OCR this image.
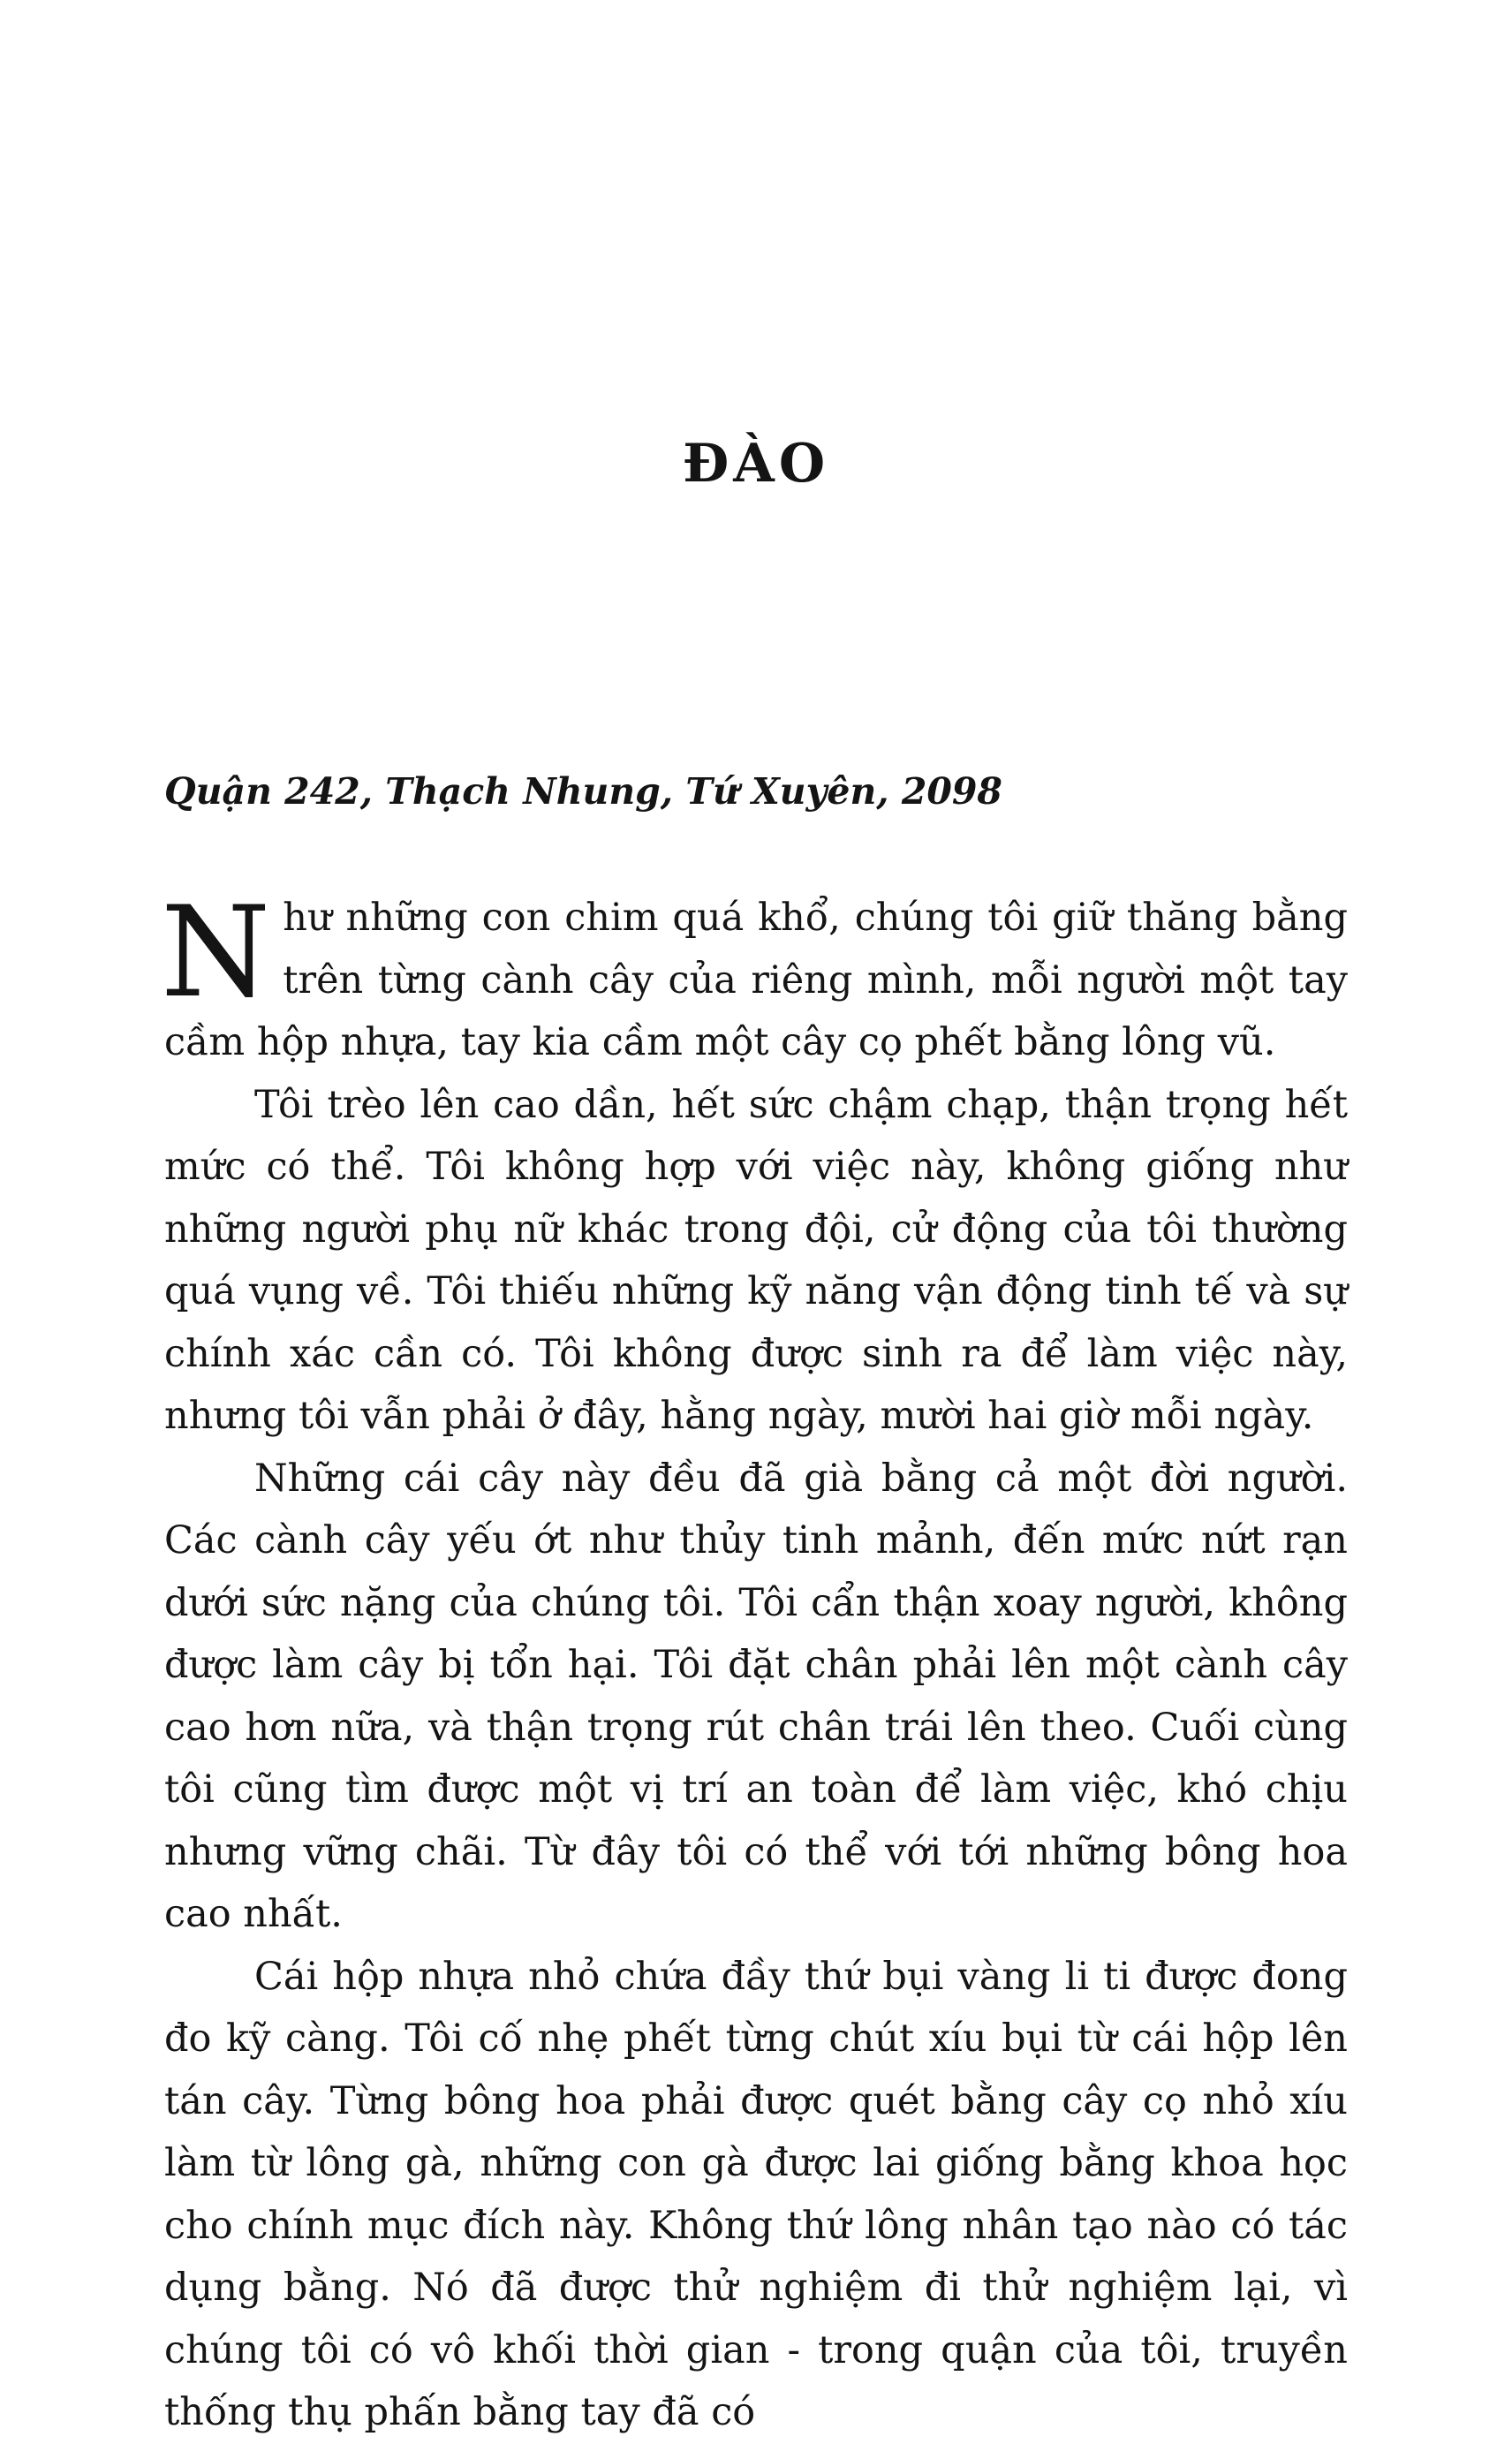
ĐÀO

Quận 242, Thạch Nhung, Tứ Xuyên, 2098

Như những con chim quá khổ, chúng tôi giữ thăng bằng trên từng cành cây của riêng mình, mỗi người một tay cầm hộp nhựa, tay kia cầm một cây cọ phết bằng lông vũ.

Tôi trèo lên cao dần, hết sức chậm chạp, thận trọng hết mức có thể. Tôi không hợp với việc này, không giống như những người phụ nữ khác trong đội, cử động của tôi thường quá vụng về. Tôi thiếu những kỹ năng vận động tinh tế và sự chính xác cần có. Tôi không được sinh ra để làm việc này, nhưng tôi vẫn phải ở đây, hằng ngày, mười hai giờ mỗi ngày.

Những cái cây này đều đã già bằng cả một đời người. Các cành cây yếu ớt như thủy tinh mảnh, đến mức nứt rạn dưới sức nặng của chúng tôi. Tôi cẩn thận xoay người, không được làm cây bị tổn hại. Tôi đặt chân phải lên một cành cây cao hơn nữa, và thận trọng rút chân trái lên theo. Cuối cùng tôi cũng tìm được một vị trí an toàn để làm việc, khó chịu nhưng vững chãi. Từ đây tôi có thể với tới những bông hoa cao nhất.

Cái hộp nhựa nhỏ chứa đầy thứ bụi vàng li ti được đong đo kỹ càng. Tôi cố nhẹ phết từng chút xíu bụi từ cái hộp lên tán cây. Từng bông hoa phải được quét bằng cây cọ nhỏ xíu làm từ lông gà, những con gà được lai giống bằng khoa học cho chính mục đích này. Không thứ lông nhân tạo nào có tác dụng bằng. Nó đã được thử nghiệm đi thử nghiệm lại, vì chúng tôi có vô khối thời gian - trong quận của tôi, truyền thống thụ phấn bằng tay đã có
